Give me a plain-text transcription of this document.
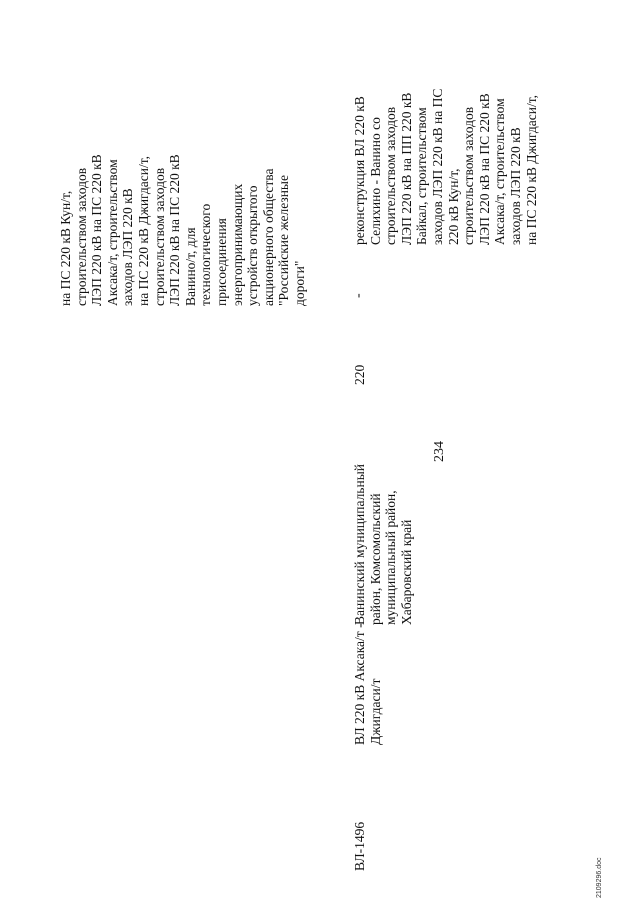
234
на ПС 220 кВ Кун/т, строительством заходов ЛЭП 220 кВ на ПС 220 кВ Аксака/т, строительством заходов ЛЭП 220 кВ на ПС 220 кВ Джигдаси/т, строительством заходов ЛЭП 220 кВ на ПС 220 кВ Ванино/т, для технологического присоединения энергопринимающих устройств открытого акционерного общества "Российские железные дороги"
ВЛ-1496
ВЛ 220 кВ Аксака/т - Джигдаси/т
Ванинский муниципальный район, Комсомольский муниципальный район, Хабаровский край
220
-
реконструкция ВЛ 220 кВ Селихино - Ванино со строительством заходов ЛЭП 220 кВ на ПП 220 кВ Байкал, строительством заходов ЛЭП 220 кВ на ПС 220 кВ Кун/т, строительством заходов ЛЭП 220 кВ на ПС 220 кВ Аксака/т, строительством заходов ЛЭП 220 кВ на ПС 220 кВ Джигдаси/т,
2109296.doc
